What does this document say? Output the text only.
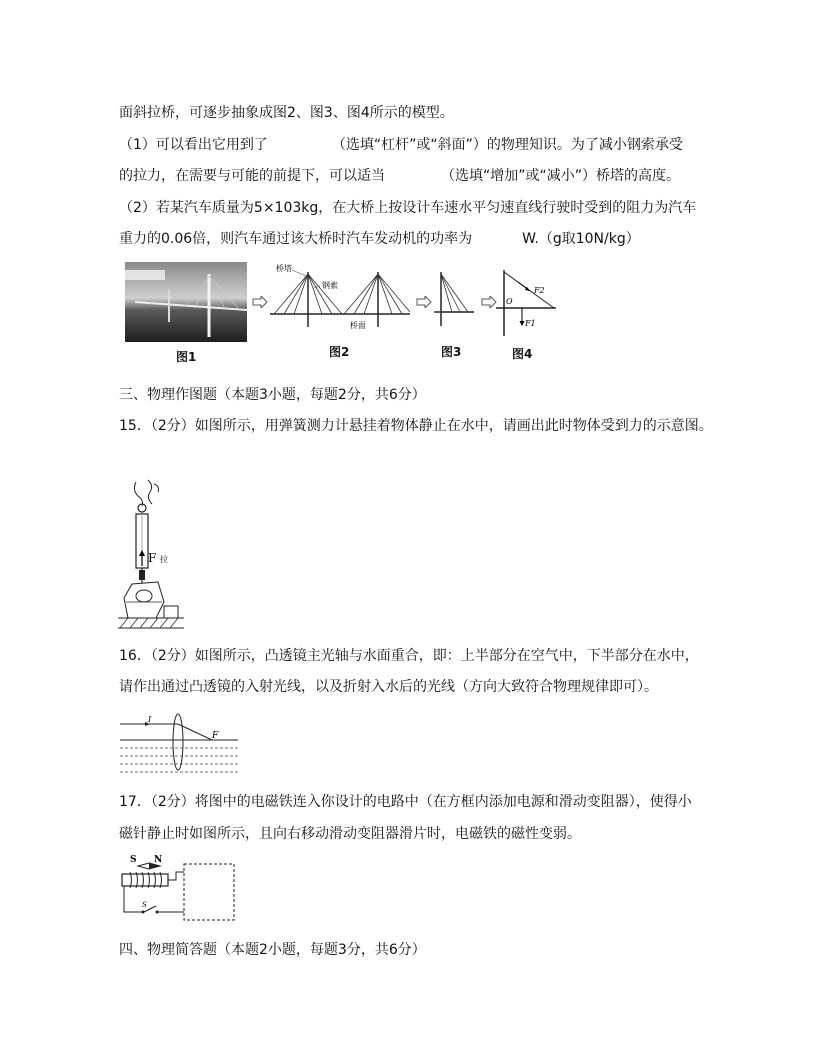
面斜拉桥，可逐步抽象成图2、图3、图4所示的模型。
（1）可以看出它用到了	（选填“杠杆”或“斜面”）的物理知识。为了减小钢索承受
的拉力，在需要与可能的前提下，可以适当	（选填“增加”或“减小”）桥塔的高度。
（2）若某汽车质量为5×103kg，在大桥上按设计车速水平匀速直线行驶时受到的阻力为汽车
重力的0.06倍，则汽车通过该大桥时汽车发动机的功率为	W.（g取10N/kg）
图1
桥塔
钢索
桥面
图2	图3
F2
F1
O
图4
三、物理作图题（本题3小题，每题2分，共6分）
15．（2分）如图所示，用弹簧测力计悬挂着物体静止在水中，请画出此时物体受到力的示意图。
F 拉
16．（2分）如图所示，凸透镜主光轴与水面重合，即：上半部分在空气中，下半部分在水中，
请作出通过凸透镜的入射光线，以及折射入水后的光线（方向大致符合物理规律即可）。
I
F
17．（2分）将图中的电磁铁连入你设计的电路中（在方框内添加电源和滑动变阻器），使得小
磁针静止时如图所示，且向右移动滑动变阻器滑片时，电磁铁的磁性变弱。
S N
S
四、物理简答题（本题2小题，每题3分，共6分）
